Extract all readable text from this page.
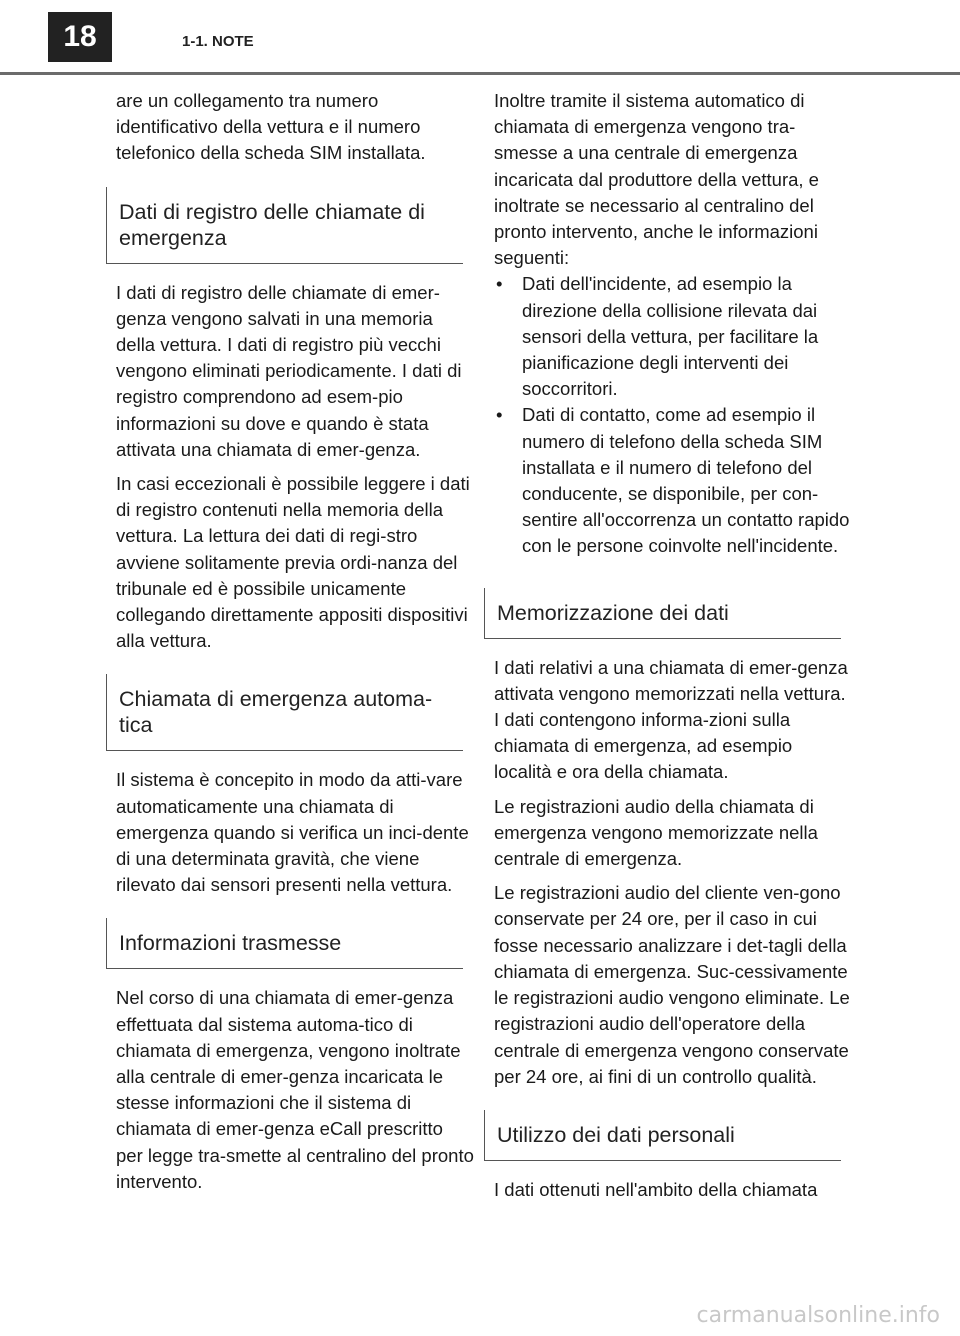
18	1-1. NOTE

are un collegamento tra numero identificativo della vettura e il numero telefonico della scheda SIM installata.

Dati di registro delle chiamate di emergenza

I dati di registro delle chiamate di emer-genza vengono salvati in una memoria della vettura. I dati di registro più vecchi vengono eliminati periodicamente. I dati di registro comprendono ad esem-pio informazioni su dove e quando è stata attivata una chiamata di emer-genza.

In casi eccezionali è possibile leggere i dati di registro contenuti nella memoria della vettura. La lettura dei dati di regi-stro avviene solitamente previa ordi-nanza del tribunale ed è possibile unicamente collegando direttamente appositi dispositivi alla vettura.

Chiamata di emergenza automa-tica

Il sistema è concepito in modo da atti-vare automaticamente una chiamata di emergenza quando si verifica un inci-dente di una determinata gravità, che viene rilevato dai sensori presenti nella vettura.

Informazioni trasmesse

Nel corso di una chiamata di emer-genza effettuata dal sistema automa-tico di chiamata di emergenza, vengono inoltrate alla centrale di emer-genza incaricata le stesse informazioni che il sistema di chiamata di emer-genza eCall prescritto per legge tra-smette al centralino del pronto intervento.

Inoltre tramite il sistema automatico di chiamata di emergenza vengono tra-smesse a una centrale di emergenza incaricata dal produttore della vettura, e inoltrate se necessario al centralino del pronto intervento, anche le informazioni seguenti:

• Dati dell'incidente, ad esempio la direzione della collisione rilevata dai sensori della vettura, per facilitare la pianificazione degli interventi dei soccorritori.

• Dati di contatto, come ad esempio il numero di telefono della scheda SIM installata e il numero di telefono del conducente, se disponibile, per con-sentire all'occorrenza un contatto rapido con le persone coinvolte nell'incidente.

Memorizzazione dei dati

I dati relativi a una chiamata di emer-genza attivata vengono memorizzati nella vettura. I dati contengono informa-zioni sulla chiamata di emergenza, ad esempio località e ora della chiamata.

Le registrazioni audio della chiamata di emergenza vengono memorizzate nella centrale di emergenza.

Le registrazioni audio del cliente ven-gono conservate per 24 ore, per il caso in cui fosse necessario analizzare i det-tagli della chiamata di emergenza. Suc-cessivamente le registrazioni audio vengono eliminate. Le registrazioni audio dell'operatore della centrale di emergenza vengono conservate per 24 ore, ai fini di un controllo qualità.

Utilizzo dei dati personali

I dati ottenuti nell'ambito della chiamata

carmanualsonline.info
